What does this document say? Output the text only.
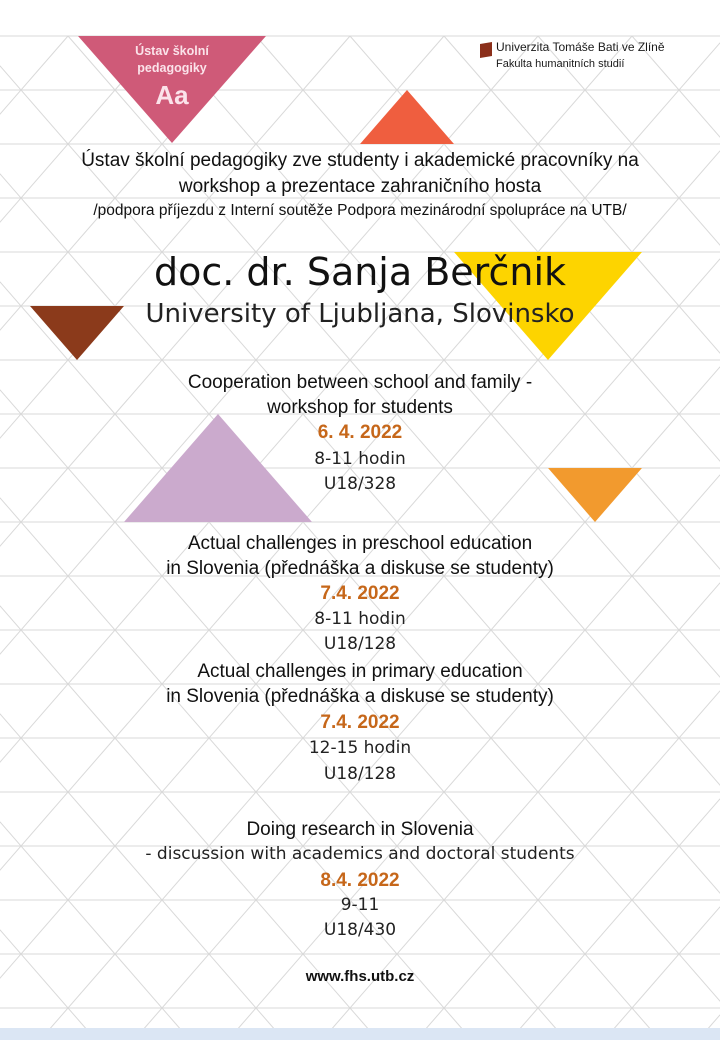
Ústav školní
pedagogiky
Aa
Univerzita Tomáše Bati ve Zlíně
Fakulta humanitních studií
Ústav školní pedagogiky zve studenty i akademické pracovníky na
workshop a prezentace zahraničního hosta
/podpora příjezdu z Interní soutěže Podpora mezinárodní spolupráce na UTB/
doc. dr. Sanja Berčnik
University of Ljubljana, Slovinsko
Cooperation between school and family -
workshop for students
6. 4. 2022
8-11 hodin
U18/328
Actual challenges in preschool education
in Slovenia (přednáška a diskuse se studenty)
7.4. 2022
8-11 hodin
U18/128
Actual challenges in primary education
in Slovenia (přednáška a diskuse se studenty)
7.4. 2022
12-15 hodin
U18/128
Doing research in Slovenia
- discussion with academics and doctoral students
8.4. 2022
9-11
U18/430
www.fhs.utb.cz
